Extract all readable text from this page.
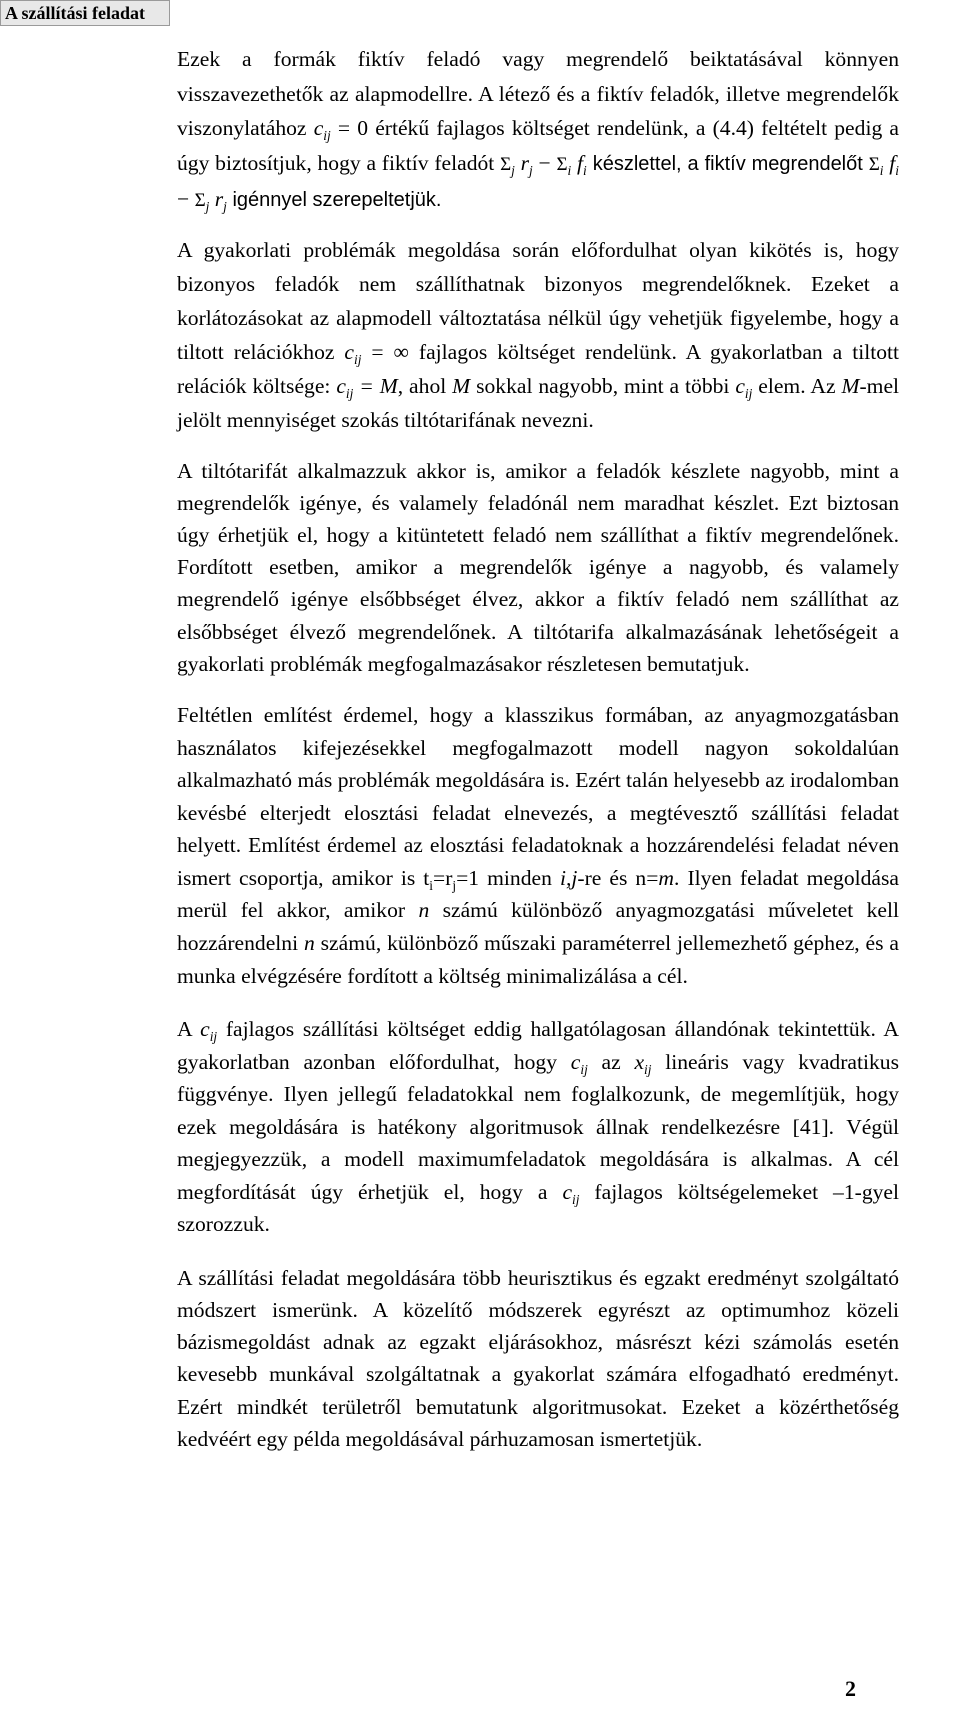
A szállítási feladat

Ezek a formák fiktív feladó vagy megrendelő beiktatásával könnyen visszavezethetők az alapmodellre. A létező és a fiktív feladók, illetve megrendelők viszonylatához $c_{ij} = 0$ értékű fajlagos költséget rendelünk, a (4.4) feltételt pedig a úgy biztosítjuk, hogy a fiktív feladót $\Sigma_j$ $r_j - \Sigma_i$ $f_i$ készlettel, a fiktív megrendelőt $\Sigma_i$ $f_i - \Sigma_j$ $r_j$ igénnyel szerepeltetjük.

A gyakorlati problémák megoldása során előfordulhat olyan kikötés is, hogy bizonyos feladók nem szállíthatnak bizonyos megrendelőknek. Ezeket a korlátozásokat az alapmodell változtatása nélkül úgy vehetjük figyelembe, hogy a tiltott relációkhoz $c_{ij}$ = ∞ fajlagos költséget rendelünk. A gyakorlatban a tiltott relációk költsége: $c_{ij} = M$, ahol M sokkal nagyobb, mint a többi $c_{ij}$ elem. Az M-mel jelölt mennyiséget szokás tiltótarifának nevezni.

A tiltótarifát alkalmazzuk akkor is, amikor a feladók készlete nagyobb, mint a megrendelők igénye, és valamely feladónál nem maradhat készlet. Ezt biztosan úgy érhetjük el, hogy a kitüntetett feladó nem szállíthat a fiktív megrendelőnek. Fordított esetben, amikor a megrendelők igénye a nagyobb, és valamely megrendelő igénye elsőbbséget élvez, akkor a fiktív feladó nem szállíthat az elsőbbséget élvező megrendelőnek. A tiltótarifa alkalmazásának lehetőségeit a gyakorlati problémák megfogalmazásakor részletesen bemutatjuk.

Feltétlen említést érdemel, hogy a klasszikus formában, az anyagmozgatásban használatos kifejezésekkel megfogalmazott modell nagyon sokoldalúan alkalmazható más problémák megoldására is. Ezért talán helyesebb az irodalomban kevésbé elterjedt elosztási feladat elnevezés, a megtévesztő szállítási feladat helyett. Említést érdemel az elosztási feladatoknak a hozzárendelési feladat néven ismert csoportja, amikor is $t_i=r_j=1$ minden i,j-re és n=m. Ilyen feladat megoldása merül fel akkor, amikor n számú különböző anyagmozgatási műveletet kell hozzárendelni n számú, különböző műszaki paraméterrel jellemezhető géphez, és a munka elvégzésére fordított a költség minimalizálása a cél.

A $c_{ij}$ fajlagos szállítási költséget eddig hallgatólagosan állandónak tekintettük. A gyakorlatban azonban előfordulhat, hogy $c_{ij}$ az $x_{ij}$ lineáris vagy kvadratikus függvénye. Ilyen jellegű feladatokkal nem foglalkozunk, de megemlítjük, hogy ezek megoldására is hatékony algoritmusok állnak rendelkezésre [41]. Végül megjegyezzük, a modell maximumfeladatok megoldására is alkalmas. A cél megfordítását úgy érhetjük el, hogy a $c_{ij}$ fajlagos költségelemeket –1-gyel szorozzuk.

A szállítási feladat megoldására több heurisztikus és egzakt eredményt szolgáltató módszert ismerünk. A közelítő módszerek egyrészt az optimumhoz közeli bázismegoldást adnak az egzakt eljárásokhoz, másrészt kézi számolás esetén kevesebb munkával szolgáltatnak a gyakorlat számára elfogadható eredményt. Ezért mindkét területről bemutatunk algoritmusokat. Ezeket a közérthetőség kedvéért egy példa megoldásával párhuzamosan ismertetjük.

2
